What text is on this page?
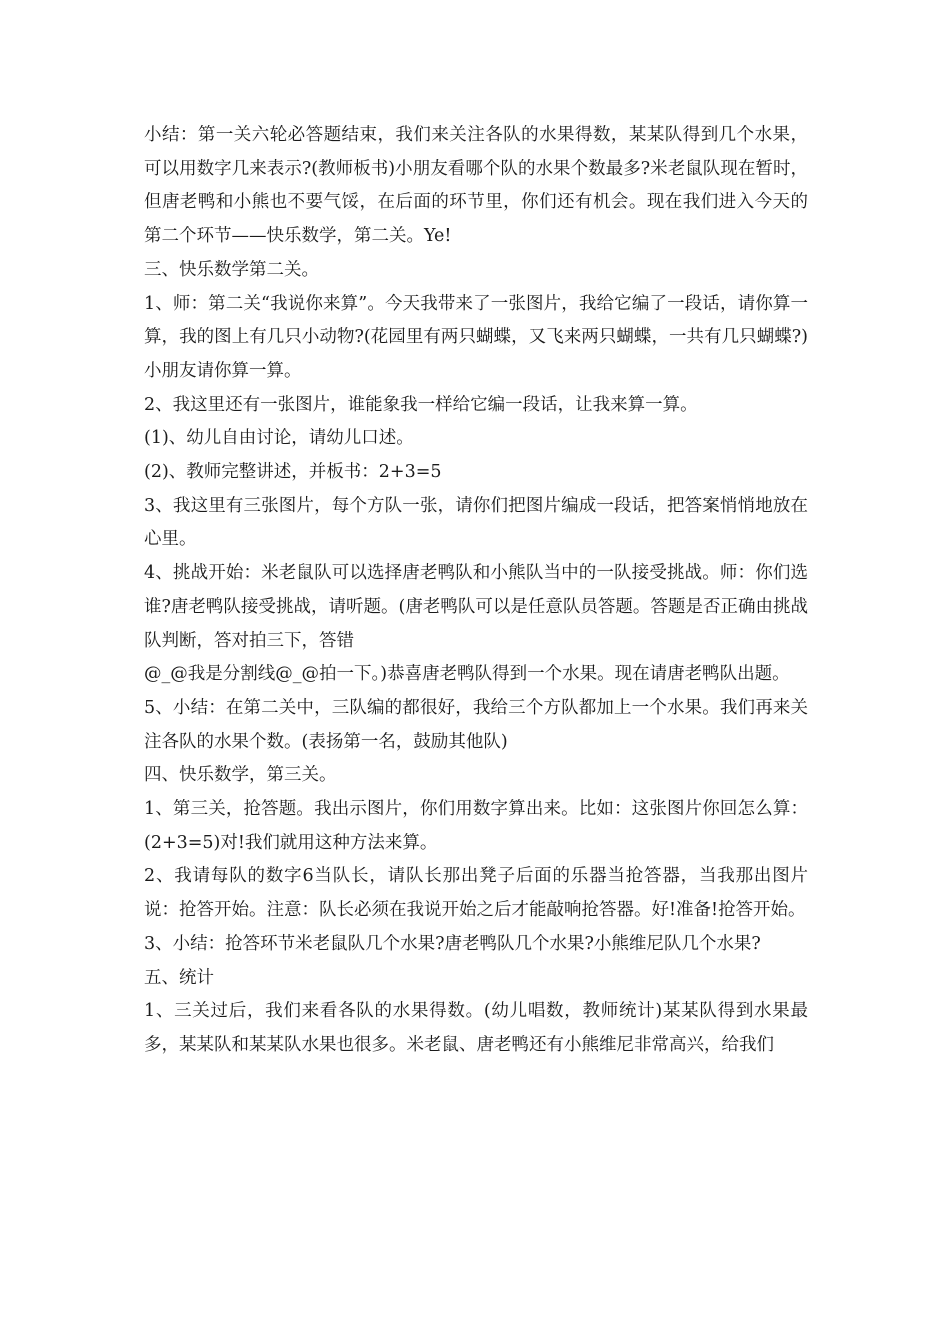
小结：第一关六轮必答题结束，我们来关注各队的水果得数，某某队得到几个水果，可以用数字几来表示?(教师板书)小朋友看哪个队的水果个数最多?米老鼠队现在暂时，但唐老鸭和小熊也不要气馁，在后面的环节里，你们还有机会。现在我们进入今天的第二个环节——快乐数学，第二关。Ye!

三、快乐数学第二关。

1、师：第二关“我说你来算”。今天我带来了一张图片，我给它编了一段话，请你算一算，我的图上有几只小动物?(花园里有两只蝴蝶，又飞来两只蝴蝶，一共有几只蝴蝶?)小朋友请你算一算。

2、我这里还有一张图片，谁能象我一样给它编一段话，让我来算一算。

(1)、幼儿自由讨论，请幼儿口述。

(2)、教师完整讲述，并板书：2+3=5

3、我这里有三张图片，每个方队一张，请你们把图片编成一段话，把答案悄悄地放在心里。

4、挑战开始：米老鼠队可以选择唐老鸭队和小熊队当中的一队接受挑战。师：你们选谁?唐老鸭队接受挑战，请听题。(唐老鸭队可以是任意队员答题。答题是否正确由挑战队判断，答对拍三下，答错

@_@我是分割线@_@拍一下。)恭喜唐老鸭队得到一个水果。现在请唐老鸭队出题。

5、小结：在第二关中，三队编的都很好，我给三个方队都加上一个水果。我们再来关注各队的水果个数。(表扬第一名，鼓励其他队)

四、快乐数学，第三关。

1、第三关，抢答题。我出示图片，你们用数字算出来。比如：这张图片你回怎么算：(2+3=5)对!我们就用这种方法来算。

2、我请每队的数字6当队长，请队长那出凳子后面的乐器当抢答器，当我那出图片说：抢答开始。注意：队长必须在我说开始之后才能敲响抢答器。好!准备!抢答开始。

3、小结：抢答环节米老鼠队几个水果?唐老鸭队几个水果?小熊维尼队几个水果?

五、统计

1、三关过后，我们来看各队的水果得数。(幼儿唱数，教师统计)某某队得到水果最多，某某队和某某队水果也很多。米老鼠、唐老鸭还有小熊维尼非常高兴，给我们
